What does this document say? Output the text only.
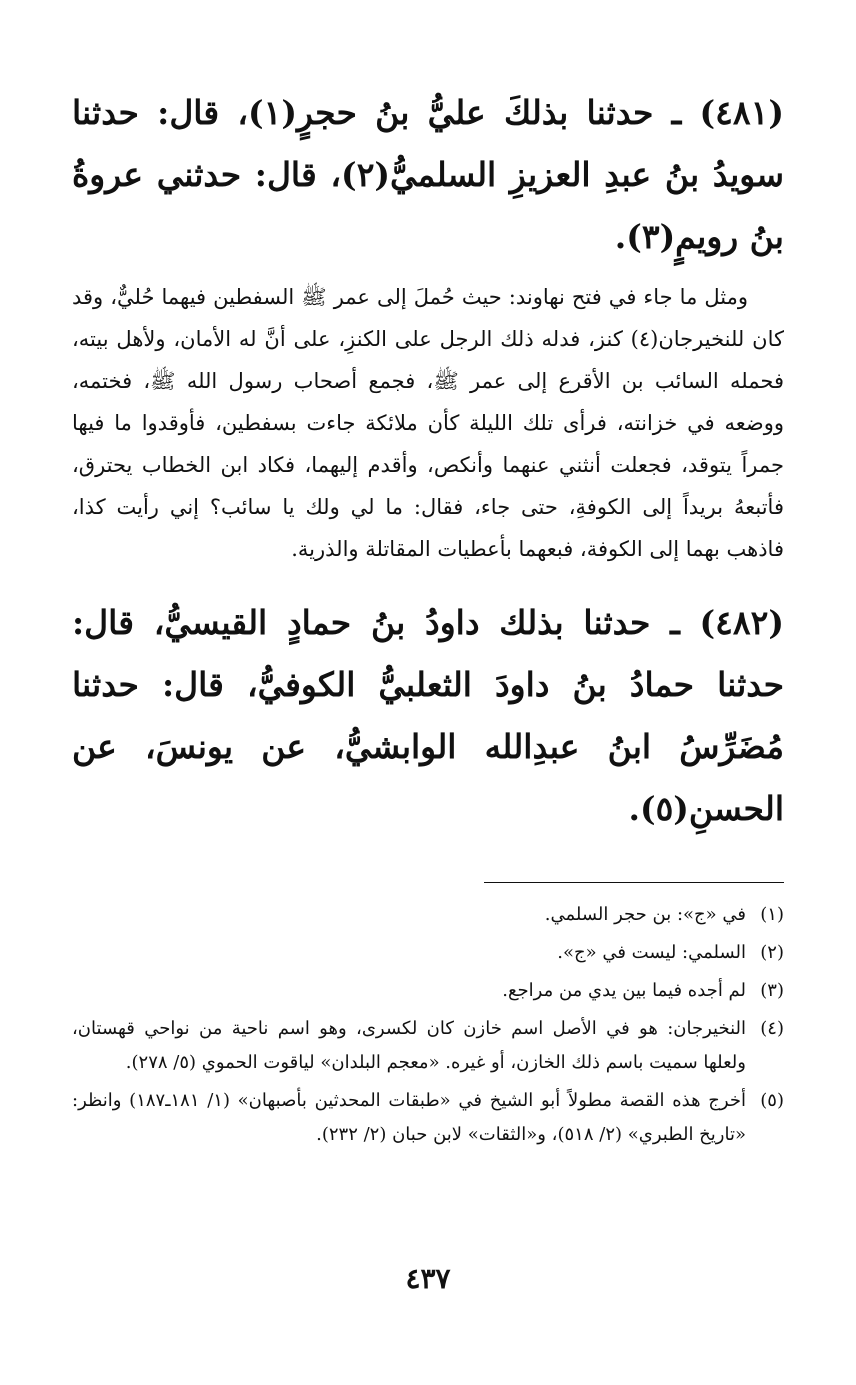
(٤٨١) ـ حدثنا بذلكَ عليُّ بنُ حجرٍ(١)، قال: حدثنا سويدُ بنُ عبدِ العزيزِ السلميُّ(٢)، قال: حدثني عروةُ بنُ رويمٍ(٣).

ومثل ما جاء في فتح نهاوند: حيث حُملَ إلى عمر ﷺ السفطين فيهما حُليٌّ، وقد كان للنخيرجان(٤) كنز، فدله ذلك الرجل على الكنزِ، على أنَّ له الأمان، ولأهل بيته، فحمله السائب بن الأقرع إلى عمر ﷺ، فجمع أصحاب رسول الله ﷺ، فختمه، ووضعه في خزانته، فرأى تلك الليلة كأن ملائكة جاءت بسفطين، فأوقدوا ما فيها جمراً يتوقد، فجعلت أنثني عنهما وأنكص، وأقدم إليهما، فكاد ابن الخطاب يحترق، فأتبعهُ بريداً إلى الكوفةِ، حتى جاء، فقال: ما لي ولك يا سائب؟ إني رأيت كذا، فاذهب بهما إلى الكوفة، فبعهما بأعطيات المقاتلة والذرية.

(٤٨٢) ـ حدثنا بذلك داودُ بنُ حمادٍ القيسيُّ، قال: حدثنا حمادُ بنُ داودَ الثعلبيُّ الكوفيُّ، قال: حدثنا مُضَرِّسُ ابنُ عبدِالله الوابشيُّ، عن يونسَ، عن الحسنِ(٥).

(١)
في «ج»: بن حجر السلمي.
(٢)
السلمي: ليست في «ج».
(٣)
لم أجده فيما بين يدي من مراجع.
(٤)
النخيرجان: هو في الأصل اسم خازن كان لكسرى، وهو اسم ناحية من نواحي قهستان، ولعلها سميت باسم ذلك الخازن، أو غيره. «معجم البلدان» لياقوت الحموي (٥/ ٢٧٨).
(٥)
أخرج هذه القصة مطولاً أبو الشيخ في «طبقات المحدثين بأصبهان» (١/ ١٨١ـ١٨٧) وانظر: «تاريخ الطبري» (٢/ ٥١٨)، و«الثقات» لابن حبان (٢/ ٢٣٢).
٤٣٧
